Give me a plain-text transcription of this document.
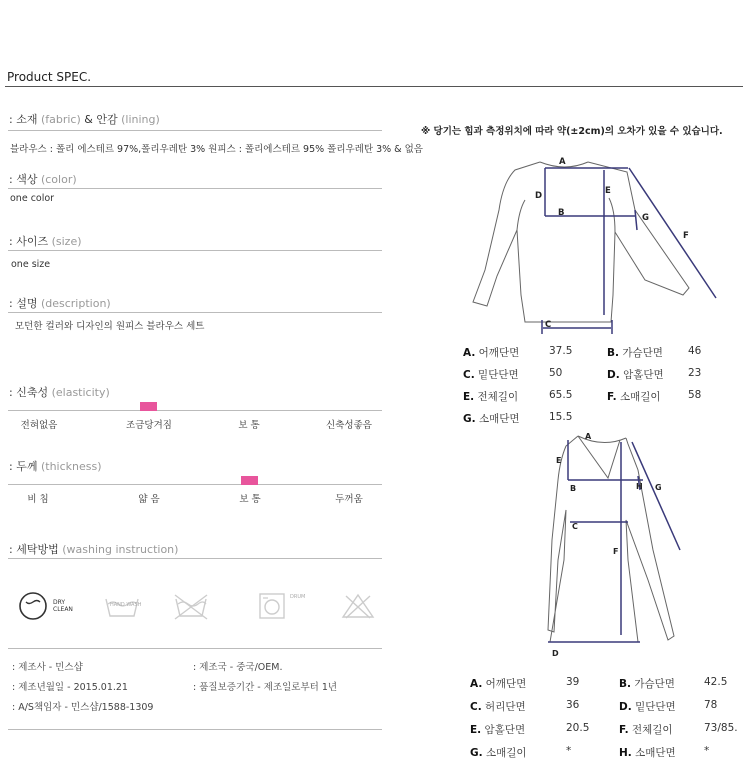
Product SPEC.
: 소재 (fabric) & 안감 (lining)
블라우스 : 폴리 에스테르 97%,폴리우레탄 3% 원피스 : 폴리에스테르 95% 폴리우레탄 3% & 없음
: 색상 (color)
one color
: 사이즈 (size)
one size
: 설명 (description)
모던한 컬러와 디자인의 원피스 블라우스 세트
: 신축성 (elasticity)
전혀없음	조금당겨짐	보 통	신축성좋음
: 두께 (thickness)
비 침	얇 음	보 통	두꺼움
: 세탁방법 (washing instruction)
DRY
CLEAN
HAND WASH
DRUM
: 제조사 - 민스샵	: 제조국 - 중국/OEM.
: 제조년월일 - 2015.01.21	: 품질보증기간 - 제조일로부터 1년
: A/S책임자 - 민스샵/1588-1309
※ 당기는 힘과 측정위치에 따라 약(±2cm)의 오차가 있을 수 있습니다.
A
B
C
D	E
F
G
A. 어깨단면	37.5	B. 가슴단면 46
C. 밑단단면	50	D. 암홀단면 23
E. 전체길이	65.5	F. 소매길이	58
G. 소매단면	15.5
A
B
C
D
E
F
G
H
A. 어깨단면	39	B. 가슴단면	42.5
C. 허리단면	36	D. 밑단단면	78
E. 암홀단면	20.5	F. 전체길이	73/85.
G. 소매길이	*	H. 소매단면	*
